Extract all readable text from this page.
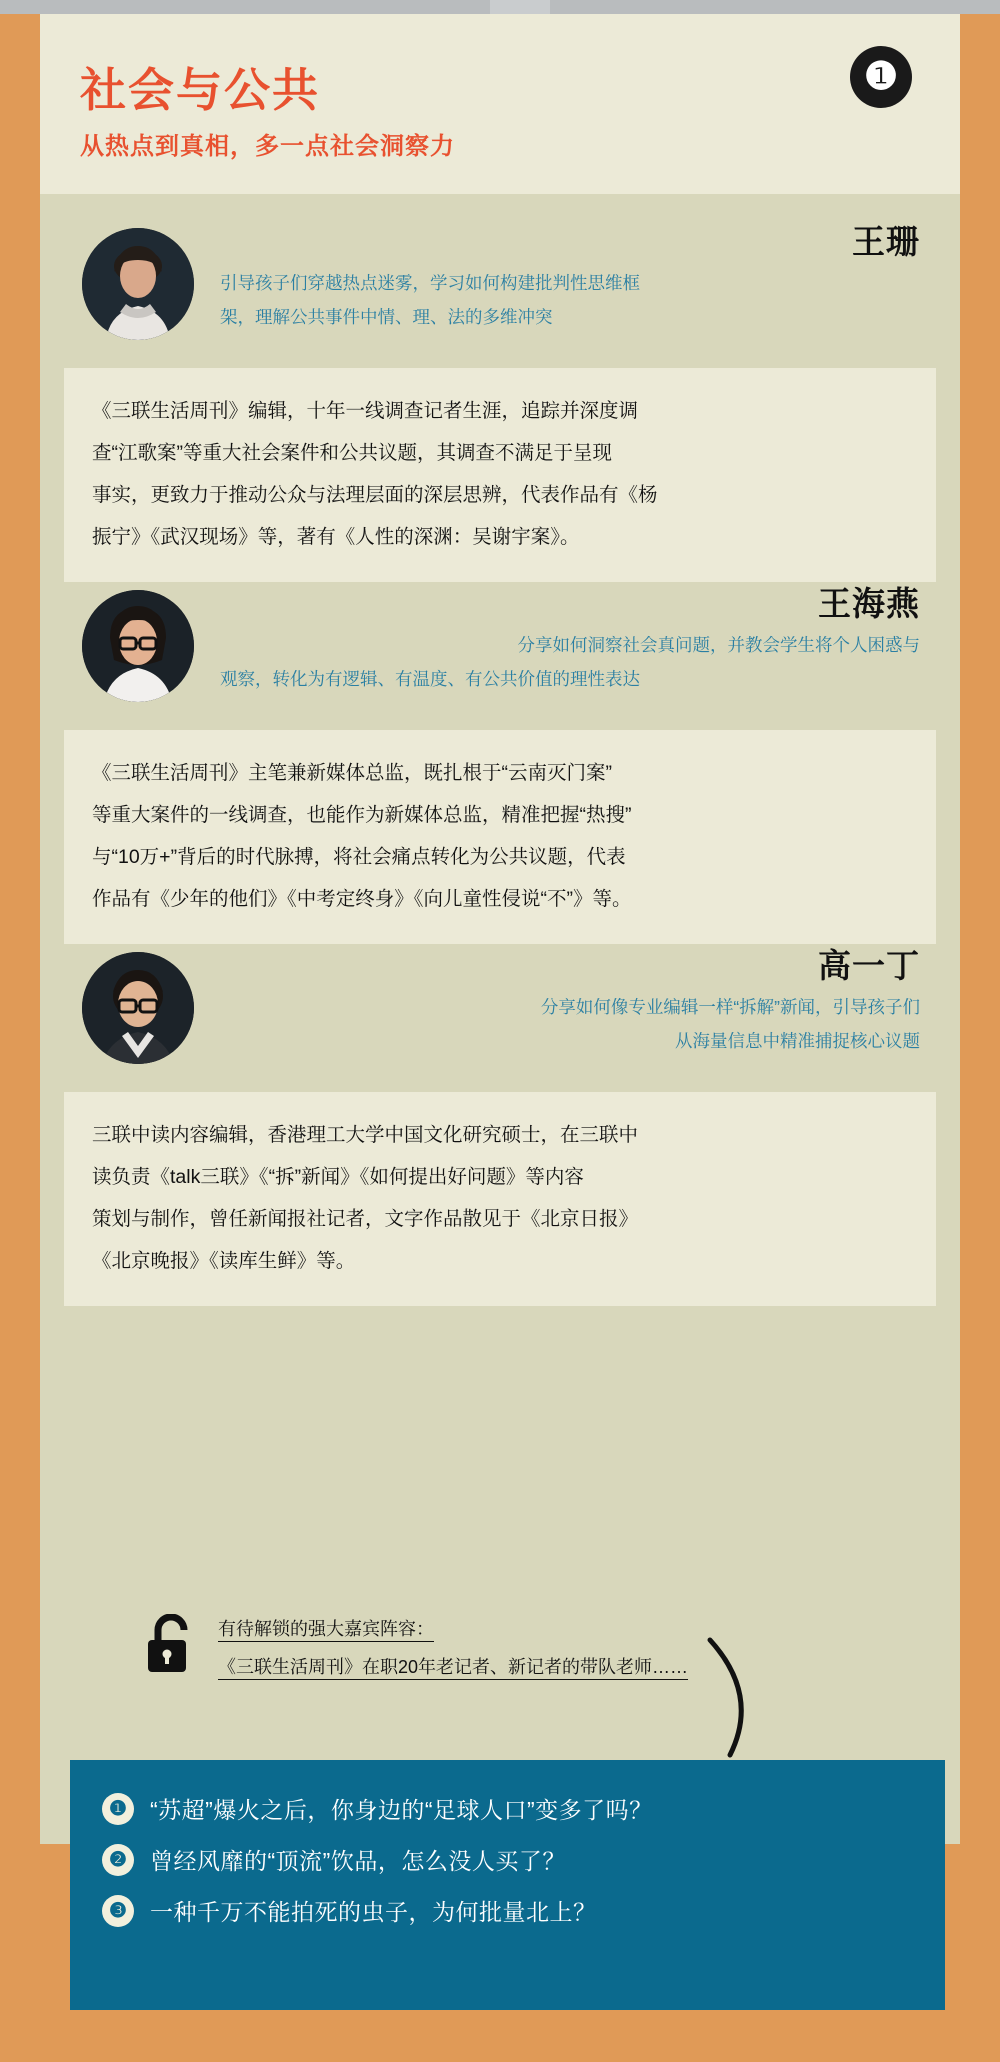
社会与公共
从热点到真相，多一点社会洞察力
❶
王珊
引导孩子们穿越热点迷雾，学习如何构建批判性思维框
架，理解公共事件中情、理、法的多维冲突
《三联生活周刊》编辑，十年一线调查记者生涯，追踪并深度调
查“江歌案”等重大社会案件和公共议题，其调查不满足于呈现
事实，更致力于推动公众与法理层面的深层思辨，代表作品有《杨
振宁》《武汉现场》等，著有《人性的深渊：吴谢宇案》。
王海燕
分享如何洞察社会真问题，并教会学生将个人困惑与
观察，转化为有逻辑、有温度、有公共价值的理性表达
《三联生活周刊》主笔兼新媒体总监，既扎根于“云南灭门案”
等重大案件的一线调查，也能作为新媒体总监，精准把握“热搜”
与“10万+”背后的时代脉搏，将社会痛点转化为公共议题，代表
作品有《少年的他们》《中考定终身》《向儿童性侵说“不”》等。
高一丁
分享如何像专业编辑一样“拆解”新闻，引导孩子们
从海量信息中精准捕捉核心议题
三联中读内容编辑，香港理工大学中国文化研究硕士，在三联中
读负责《talk三联》《“拆”新闻》《如何提出好问题》等内容
策划与制作，曾任新闻报社记者，文字作品散见于《北京日报》
《北京晚报》《读库生鲜》等。
有待解锁的强大嘉宾阵容：
《三联生活周刊》在职20年老记者、新记者的带队老师……
❶	“苏超”爆火之后，你身边的“足球人口”变多了吗？
❷	曾经风靡的“顶流”饮品，怎么没人买了？
❸	一种千万不能拍死的虫子，为何批量北上？
